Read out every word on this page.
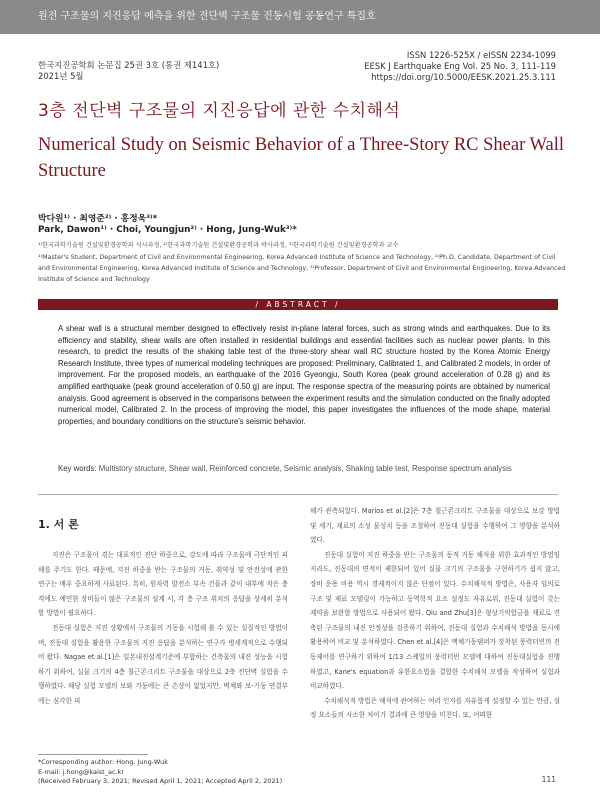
원전 구조물의 지진응답 예측을 위한 전단벽 구조물 진동시험 공동연구 특집호
한국지진공학회 논문집 25권 3호 (통권 제141호)
2021년 5월
ISSN 1226-525X / eISSN 2234-1099
EESK J Earthquake Eng Vol. 25 No. 3, 111-119
https://doi.org/10.5000/EESK.2021.25.3.111
3층 전단벽 구조물의 지진응답에 관한 수치해석
Numerical Study on Seismic Behavior of a Three-Story RC Shear Wall Structure
박다원¹⁾ · 최영준²⁾ · 홍정욱³⁾*
Park, Dawon¹⁾ · Choi, Youngjun²⁾ · Hong, Jung-Wuk³⁾*
¹⁾한국과학기술원 건설및환경공학과 석사과정, ²⁾한국과학기술원 건설및환경공학과 박사과정, ³⁾한국과학기술원 건설및환경공학과 교수
¹⁾Master's Student, Department of Civil and Environmental Engineering, Korea Advanced Institute of Science and Technology, ²⁾Ph.D, Candidate, Department of Civil and Environmental Engineering, Korea Advanced Institute of Science and Technology, ³⁾Professor, Department of Civil and Environmental Engineering, Korea Advanced Institute of Science and Technology
/ ABSTRACT /
A shear wall is a structural member designed to effectively resist in-plane lateral forces, such as strong winds and earthquakes. Due to its efficiency and stability, shear walls are often installed in residential buildings and essential facilities such as nuclear power plants. In this research, to predict the results of the shaking table test of the three-story shear wall RC structure hosted by the Korea Atomic Energy Research Institute, three types of numerical modeling techniques are proposed: Preliminary, Calibrated 1, and Calibrated 2 models, in order of improvement. For the proposed models, an earthquake of the 2016 Gyeongju, South Korea (peak ground acceleration of 0.28 g) and its amplified earthquake (peak ground acceleration of 0.50 g) are input. The response spectra of the measuring points are obtained by numerical analysis. Good agreement is observed in the comparisons between the experiment results and the simulation conducted on the finally adopted numerical model, Calibrated 2. In the process of improving the model, this paper investigates the influences of the mode shape, material properties, and boundary conditions on the structure's seismic behavior.
Key words: Multistory structure, Shear wall, Reinforced concrete, Seismic analysis, Shaking table test, Response spectrum analysis
1. 서 론

지진은 구조물이 겪는 대표적인 전단 하중으로, 강도에 따라 구조물에 극단적인 피해를 주기도 한다. 때문에, 지진 하중을 받는 구조물의 거동, 취약성 및 안전성에 관한 연구는 매우 중요하게 사료된다. 특히, 원자력 발전소 부속 건물과 같이 내부에 작은 충격에도 예민한 장비들이 많은 구조물의 설계 시, 각 층 구조 위치의 응답을 상세히 분석할 방법이 필요하다.

진동대 실험은 지진 상황에서 구조물의 거동을 시험해 볼 수 있는 실질적인 방법이며, 진동대 실험을 활용한 구조물의 지진 응답을 분석하는 연구가 병세계적으로 수행되어 왔다. Nagae et al.[1]은 일본내진설계기준에 부합하는 건축물의 내진 성능을 시험하기 위하여, 실물 크기의 4층 철근콘크리트 구조물을 대상으로 2축 전단벽 실험을 수행하였다. 해당 실험 모델의 보와 기둥에는 큰 손상이 없었지만, 벽체와 보-기둥 연결부에는 심각한 피

해가 관측되었다. Marios et al.[2]은 7층 철근콘크리트 구조물을 대상으로 보강 방법 및 세기, 재료의 소성 물성치 등을 조절하여 진동대 실험을 수행하여 그 영향을 분석하였다.

진동대 실험이 지진 하중을 받는 구조물의 동적 거동 해석을 위한 효과적인 방법임지라도, 진동대의 면적이 제한되어 있어 실물 크기의 구조물을 구현하기가 쉽지 않고, 장비 운용 비용 역시 경제적이지 않은 단점이 있다. 수치해석적 방법은, 사용자 임의로 구조 및 재료 모델링이 가능하고 동역학적 요소 설정도 자유로워, 진동대 실험이 갖는 제약을 보완할 방법으로 사용되어 왔다. Qiu and Zhu[3]은 형상기억합금을 재료로 견축된 구조물의 내진 안정성을 검증하기 위하여, 진동대 실험과 수치해석 방법을 동시에 활용하여 비교 및 분석하였다. Chen et al.[4]은 액체기둥댐퍼가 장착된 풍력터빈의 진동제어를 연구하기 위하여 1/13 스케일의 풍력터빈 모델에 대하여 진동대실험을 진행하였고, Kane's equation과 유한요소법을 결합한 수치해석 모델을 작성하여 실험과 비교하였다.

수치해석적 방법은 해석에 관여하는 여러 인자를 자유롭게 설정할 수 있는 만큼, 설정 요소들의 사소한 차이가 결과에 큰 영향을 미친다. 또, 어떠한

*Corresponding author: Hong, Jung-Wuk
E-mail: j.hong@kaist_ac.kr
(Received February 3, 2021; Revised April 1, 2021; Accepted April 2, 2021)	111
